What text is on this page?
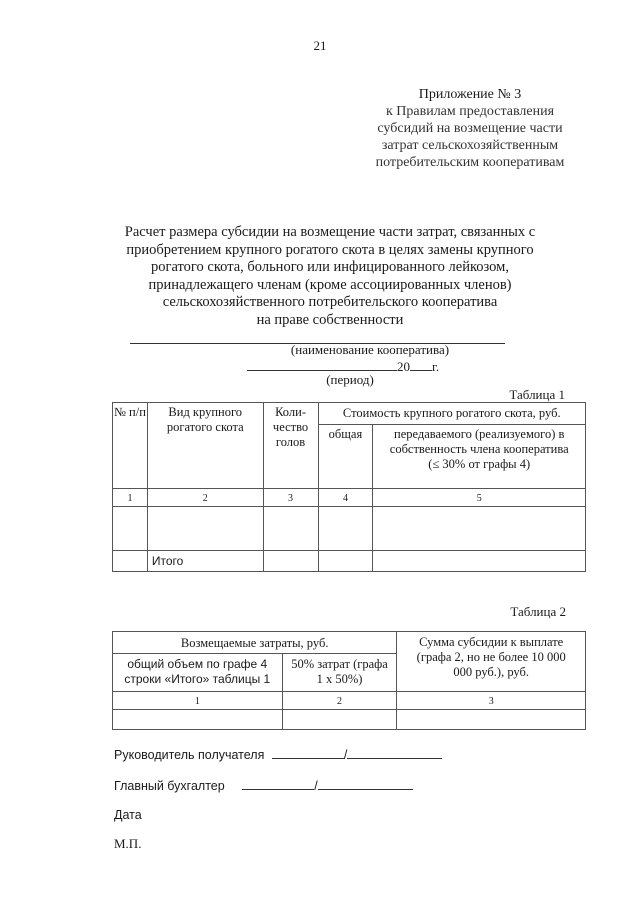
21
Приложение № 3
к Правилам предоставления
субсидий на возмещение части
затрат сельскохозяйственным
потребительским кооперативам
Расчет размера субсидии на возмещение части затрат, связанных с
приобретением крупного рогатого скота в целях замены крупного
рогатого скота, больного или инфицированного лейкозом,
принадлежащего членам (кроме ассоциированных членов)
сельскохозяйственного потребительского кооператива
на праве собственности
(наименование кооператива)
20 г.
(период)
Таблица 1
№ п/п	Вид крупного рогатого скота	Коли-чество голов	Стоимость крупного рогатого скота, руб.	
			общая	передаваемого (реализуемого) в собственность члена кооператива (≤ 30% от графы 4)
1	2	3	4	5

	Итого			
Таблица 2
Возмещаемые затраты, руб.		Сумма субсидии к выплате (графа 2, но не более 10 000 000 руб.), руб.
общий объем по графе 4 строки «Итого» таблицы 1	50% затрат (графа 1 х 50%)	
1	2	3

Руководитель получателя	/
Главный бухгалтер	/
Дата
М.П.
